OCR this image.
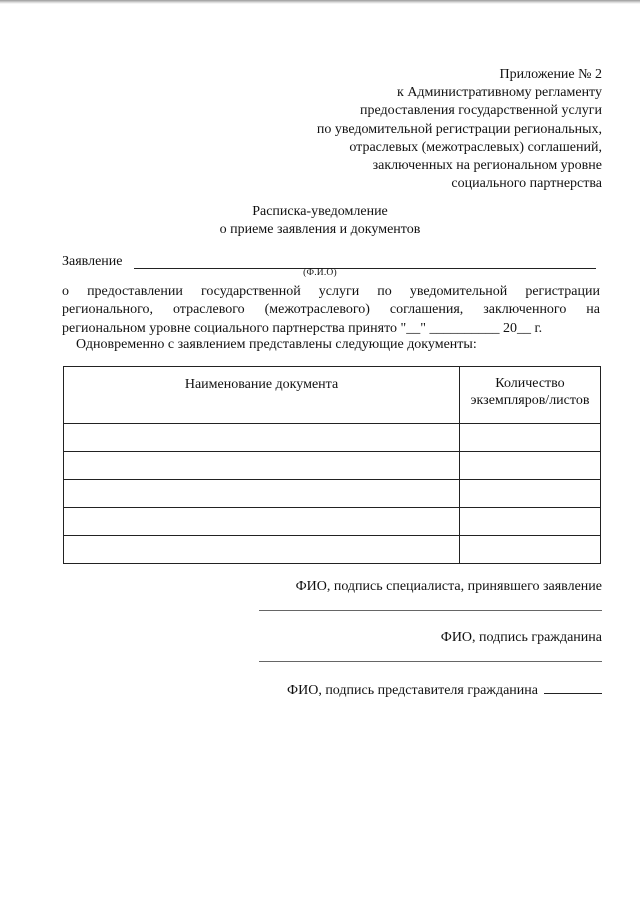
Приложение № 2
к Административному регламенту
предоставления государственной услуги
по уведомительной регистрации региональных,
отраслевых (межотраслевых) соглашений,
заключенных на региональном уровне
социального партнерства
Расписка-уведомление
о приеме заявления и документов
Заявление
(Ф.И.О)

о предоставлении государственной услуги по уведомительной регистрации регионального, отраслевого (межотраслевого) соглашения, заключенного на региональном уровне социального партнерства принято "__" __________ 20__ г.

Одновременно с заявлением представлены следующие документы:
Наименование документа	Количество
экземпляров/листов

ФИО, подпись специалиста, принявшего заявление
ФИО, подпись гражданина
ФИО, подпись представителя гражданина
